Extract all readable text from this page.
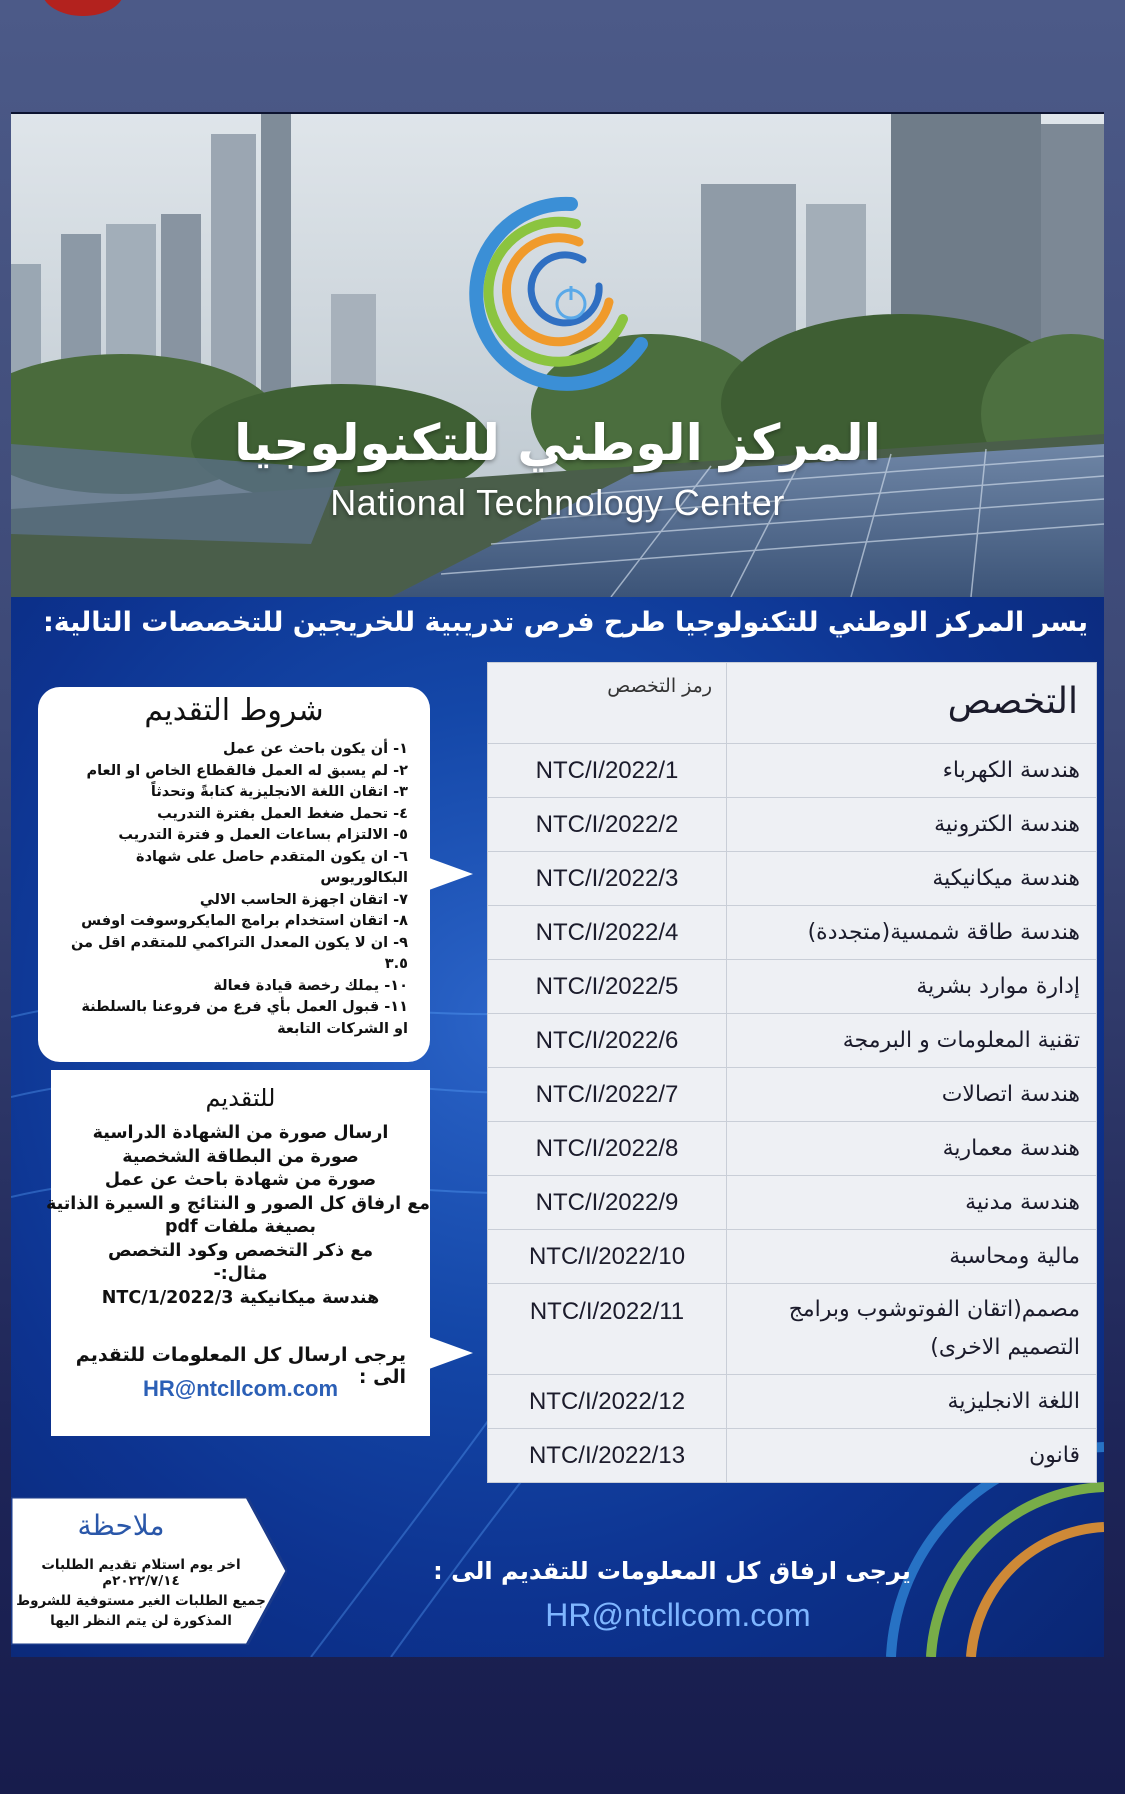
المركز الوطني للتكنولوجيا
National Technology Center
يسر المركز الوطني للتكنولوجيا طرح فرص تدريبية للخريجين للتخصصات التالية:
التخصص	رمز التخصص
هندسة الكهرباء	NTC/I/2022/1
هندسة الكترونية	NTC/I/2022/2
هندسة ميكانيكية	NTC/I/2022/3
هندسة طاقة شمسية(متجددة)	NTC/I/2022/4
إدارة موارد بشرية	NTC/I/2022/5
تقنية المعلومات و البرمجة	NTC/I/2022/6
هندسة اتصالات	NTC/I/2022/7
هندسة معمارية	NTC/I/2022/8
هندسة مدنية	NTC/I/2022/9
مالية ومحاسبة	NTC/I/2022/10
مصمم(اتقان الفوتوشوب وبرامج التصميم الاخرى)	NTC/I/2022/11
اللغة الانجليزية	NTC/I/2022/12
قانون	NTC/I/2022/13
شروط التقديم
١- أن يكون باحث عن عمل
٢- لم يسبق له العمل فالقطاع الخاص او العام
٣- اتقان اللغة الانجليزية كتابةً وتحدثاً
٤- تحمل ضغط العمل بفترة التدريب
٥- الالتزام بساعات العمل و فترة التدريب
٦- ان يكون المتقدم حاصل على شهادة البكالوريوس
٧- اتقان اجهزة الحاسب الالي
٨- اتقان استخدام برامج المايكروسوفت اوفس
٩- ان لا يكون المعدل التراكمي للمتقدم اقل من ٣.٥
١٠- يملك رخصة قيادة فعالة
١١- قبول العمل بأي فرع من فروعنا بالسلطنة
او الشركات التابعة
للتقديم
ارسال صورة من الشهادة الدراسية
صورة من البطاقة الشخصية
صورة من شهادة باحث عن عمل
مع ارفاق كل الصور و النتائج و السيرة الذاتية
بصيغة ملفات pdf
مع ذكر التخصص وكود التخصص
مثال:-
هندسة ميكانيكية NTC/1/2022/3
يرجى ارسال كل المعلومات للتقديم الى :
HR@ntcllcom.com
ملاحظة
اخر يوم استلام تقديم الطلبات ٢٠٢٢/٧/١٤م
جميع الطلبات الغير مستوفية للشروط
المذكورة لن يتم النظر اليها
يرجى ارفاق كل المعلومات للتقديم الى :
HR@ntcllcom.com
